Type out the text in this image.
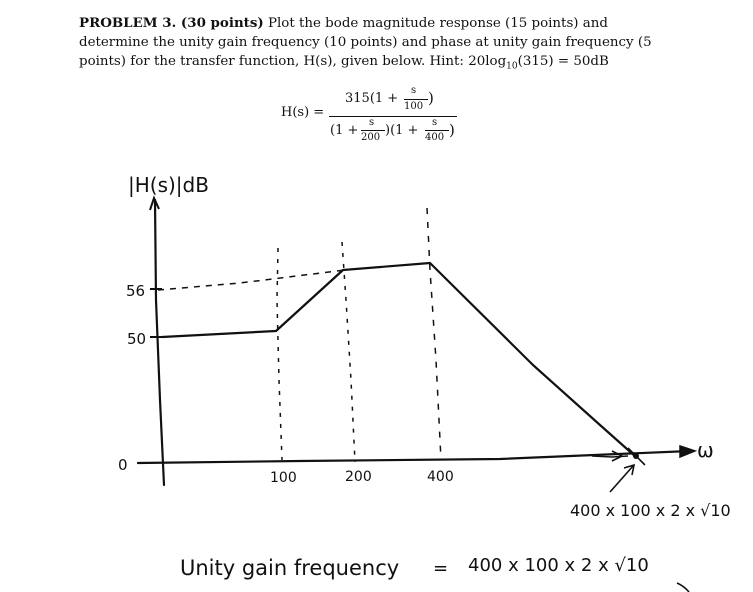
PROBLEM 3. (30 points) Plot the bode magnitude response (15 points) and determine the unity gain frequency (10 points) and phase at unity gain frequency (5 points) for the transfer function, H(s), given below. Hint: $20\log_{10}(315) = 50dB$
H(s) =
315(1 +
s
100 )
(1 +
s
200 )(1 +
s
400 )
|H(s)|dB
ω
56
50
0
100	200	400
400 x 100 x 2 x √10
Unity gain frequency = 400 x 100 x 2 x √10
